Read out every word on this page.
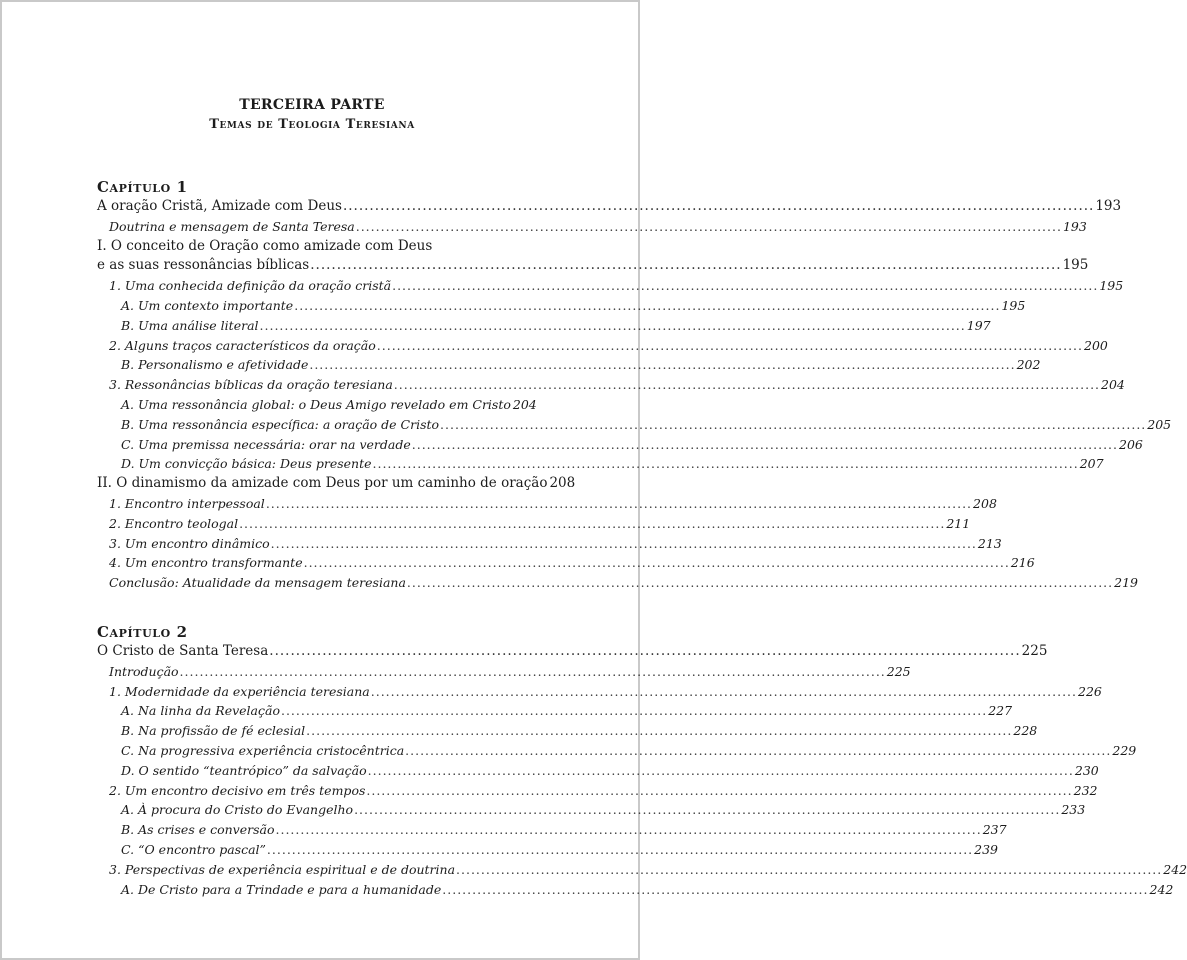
TERCEIRA PARTE
Temas de Teologia Teresiana
Capítulo 1
A oração Cristã, Amizade com Deus .............................................................................................................................................. 193
Doutrina e mensagem de Santa Teresa .............................................................................................................................................. 193
I. O conceito de Oração como amizade com Deus
e as suas ressonâncias bíblicas .............................................................................................................................................. 195
1. Uma conhecida definição da oração cristã .............................................................................................................................................. 195
A. Um contexto importante .............................................................................................................................................. 195
B. Uma análise literal .............................................................................................................................................. 197
2. Alguns traços característicos da oração .............................................................................................................................................. 200
B. Personalismo e afetividade .............................................................................................................................................. 202
3. Ressonâncias bíblicas da oração teresiana .............................................................................................................................................. 204
A. Uma ressonância global: o Deus Amigo revelado em Cristo 204
B. Uma ressonância específica: a oração de Cristo .............................................................................................................................................. 205
C. Uma premissa necessária: orar na verdade .............................................................................................................................................. 206
D. Um convicção básica: Deus presente .............................................................................................................................................. 207
II. O dinamismo da amizade com Deus por um caminho de oração 208
1. Encontro interpessoal .............................................................................................................................................. 208
2. Encontro teologal .............................................................................................................................................. 211
3. Um encontro dinâmico .............................................................................................................................................. 213
4. Um encontro transformante .............................................................................................................................................. 216
Conclusão: Atualidade da mensagem teresiana .............................................................................................................................................. 219
Capítulo 2
O Cristo de Santa Teresa .............................................................................................................................................. 225
Introdução .............................................................................................................................................. 225
1. Modernidade da experiência teresiana .............................................................................................................................................. 226
A. Na linha da Revelação .............................................................................................................................................. 227
B. Na profissão de fé eclesial .............................................................................................................................................. 228
C. Na progressiva experiência cristocêntrica .............................................................................................................................................. 229
D. O sentido “teantrópico” da salvação .............................................................................................................................................. 230
2. Um encontro decisivo em três tempos .............................................................................................................................................. 232
A. À procura do Cristo do Evangelho .............................................................................................................................................. 233
B. As crises e conversão .............................................................................................................................................. 237
C. “O encontro pascal” .............................................................................................................................................. 239
3. Perspectivas de experiência espiritual e de doutrina .............................................................................................................................................. 242
A. De Cristo para a Trindade e para a humanidade .............................................................................................................................................. 242
